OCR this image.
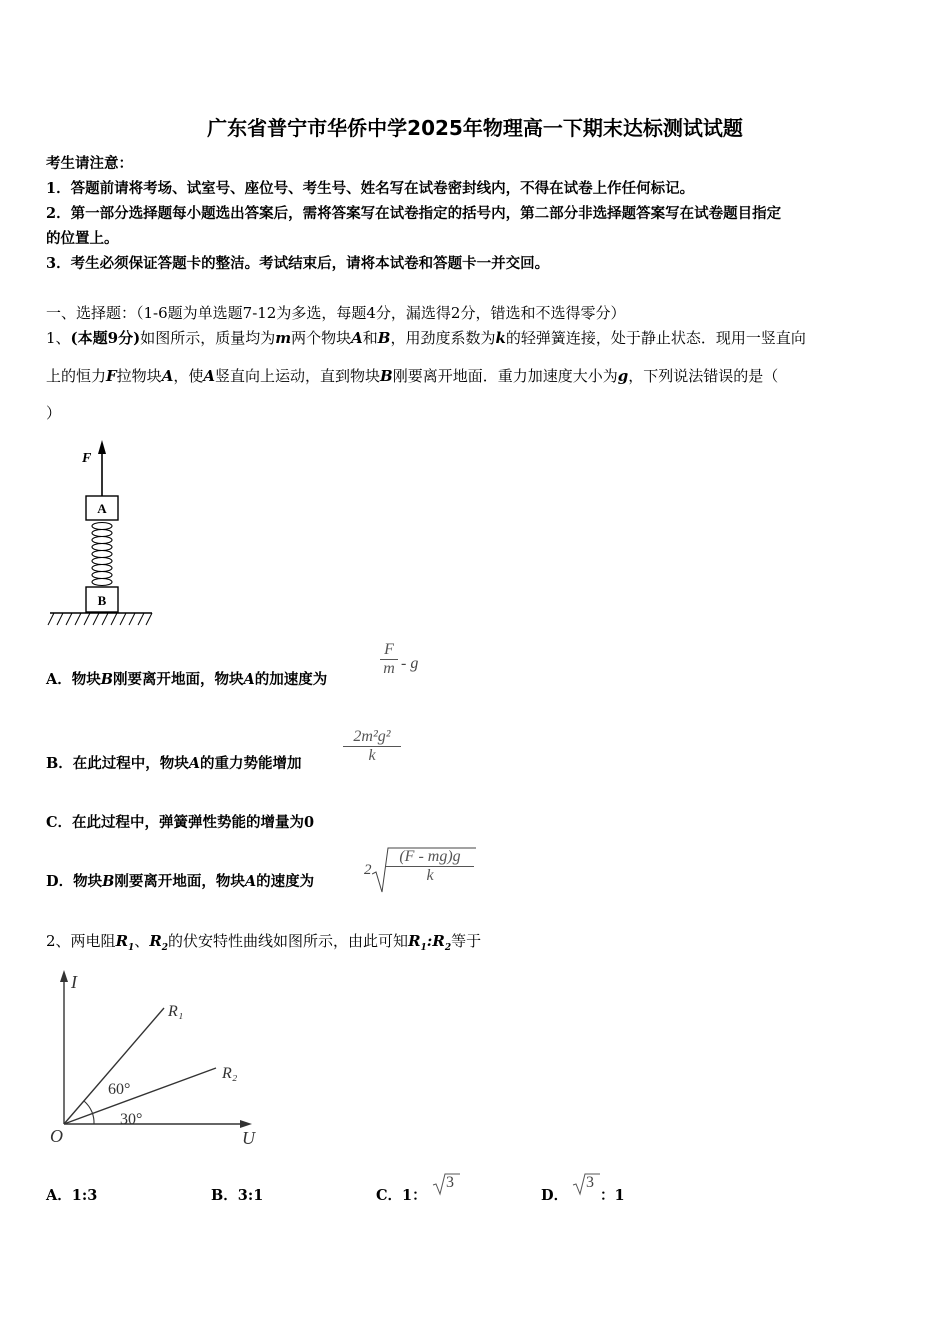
广东省普宁市华侨中学2025年物理高一下期末达标测试试题
考生请注意：
1．答题前请将考场、试室号、座位号、考生号、姓名写在试卷密封线内，不得在试卷上作任何标记。
2．第一部分选择题每小题选出答案后，需将答案写在试卷指定的括号内，第二部分非选择题答案写在试卷题目指定
的位置上。
3．考生必须保证答题卡的整洁。考试结束后，请将本试卷和答题卡一并交回。
一、选择题：（1-6题为单选题7-12为多选，每题4分，漏选得2分，错选和不选得零分）
1、(本题9分)如图所示，质量均为m两个物块A和B，用劲度系数为k的轻弹簧连接，处于静止状态．现用一竖直向
上的恒力F拉物块A，使A竖直向上运动，直到物块B刚要离开地面．重力加速度大小为g，下列说法错误的是（
）
F
A
B
A．物块B刚要离开地面，物块A的加速度为
$\frac{F}{m}$ - g
B．在此过程中，物块A的重力势能增加	$\frac{\text{2m²g²}}{k}$
C．在此过程中，弹簧弹性势能的增量为0
D．物块B刚要离开地面，物块A的速度为
$2 \frac{(F - mg)g}{k}$
2、两电阻$R_1$、$R_2$的伏安特性曲线如图所示，由此可知$R_1:R_2$等于
I
U
O
R₁
R₂
60°
30°
A．1:3	B．3:1	C．1：
3
D．
3
：1
